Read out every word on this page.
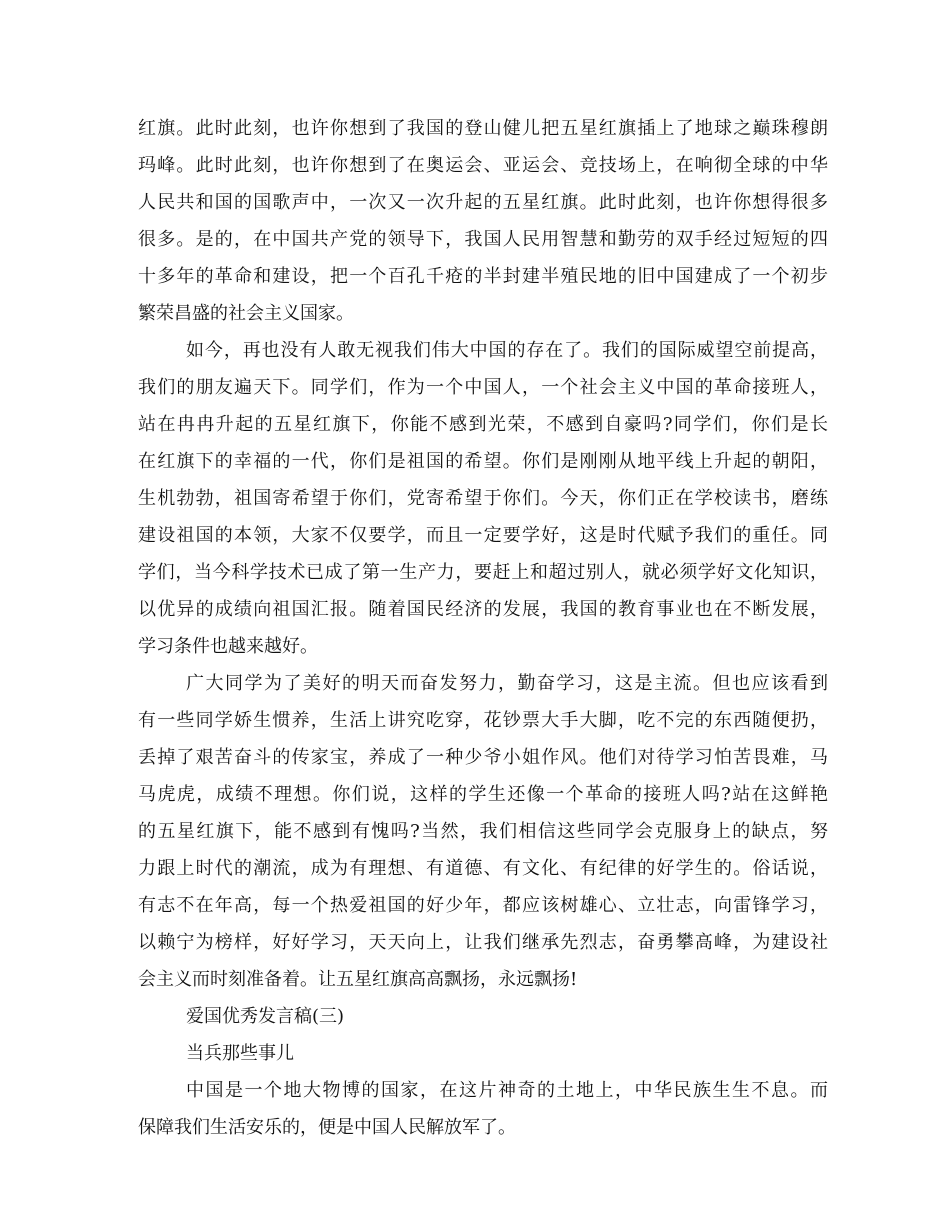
红旗。此时此刻，也许你想到了我国的登山健儿把五星红旗插上了地球之巅珠穆朗

玛峰。此时此刻，也许你想到了在奥运会、亚运会、竞技场上，在响彻全球的中华

人民共和国的国歌声中，一次又一次升起的五星红旗。此时此刻，也许你想得很多

很多。是的，在中国共产党的领导下，我国人民用智慧和勤劳的双手经过短短的四

十多年的革命和建设，把一个百孔千疮的半封建半殖民地的旧中国建成了一个初步

繁荣昌盛的社会主义国家。

如今，再也没有人敢无视我们伟大中国的存在了。我们的国际威望空前提高，

我们的朋友遍天下。同学们，作为一个中国人，一个社会主义中国的革命接班人，

站在冉冉升起的五星红旗下，你能不感到光荣，不感到自豪吗?同学们，你们是长

在红旗下的幸福的一代，你们是祖国的希望。你们是刚刚从地平线上升起的朝阳，

生机勃勃，祖国寄希望于你们，党寄希望于你们。今天，你们正在学校读书，磨练

建设祖国的本领，大家不仅要学，而且一定要学好，这是时代赋予我们的重任。同

学们，当今科学技术已成了第一生产力，要赶上和超过别人，就必须学好文化知识，

以优异的成绩向祖国汇报。随着国民经济的发展，我国的教育事业也在不断发展，

学习条件也越来越好。

广大同学为了美好的明天而奋发努力，勤奋学习，这是主流。但也应该看到

有一些同学娇生惯养，生活上讲究吃穿，花钞票大手大脚，吃不完的东西随便扔，

丢掉了艰苦奋斗的传家宝，养成了一种少爷小姐作风。他们对待学习怕苦畏难，马

马虎虎，成绩不理想。你们说，这样的学生还像一个革命的接班人吗?站在这鲜艳

的五星红旗下，能不感到有愧吗?当然，我们相信这些同学会克服身上的缺点，努

力跟上时代的潮流，成为有理想、有道德、有文化、有纪律的好学生的。俗话说，

有志不在年高，每一个热爱祖国的好少年，都应该树雄心、立壮志，向雷锋学习，

以赖宁为榜样，好好学习，天天向上，让我们继承先烈志，奋勇攀高峰，为建设社

会主义而时刻准备着。让五星红旗高高飘扬，永远飘扬!

爱国优秀发言稿(三)

当兵那些事儿

中国是一个地大物博的国家，在这片神奇的土地上，中华民族生生不息。而

保障我们生活安乐的，便是中国人民解放军了。
